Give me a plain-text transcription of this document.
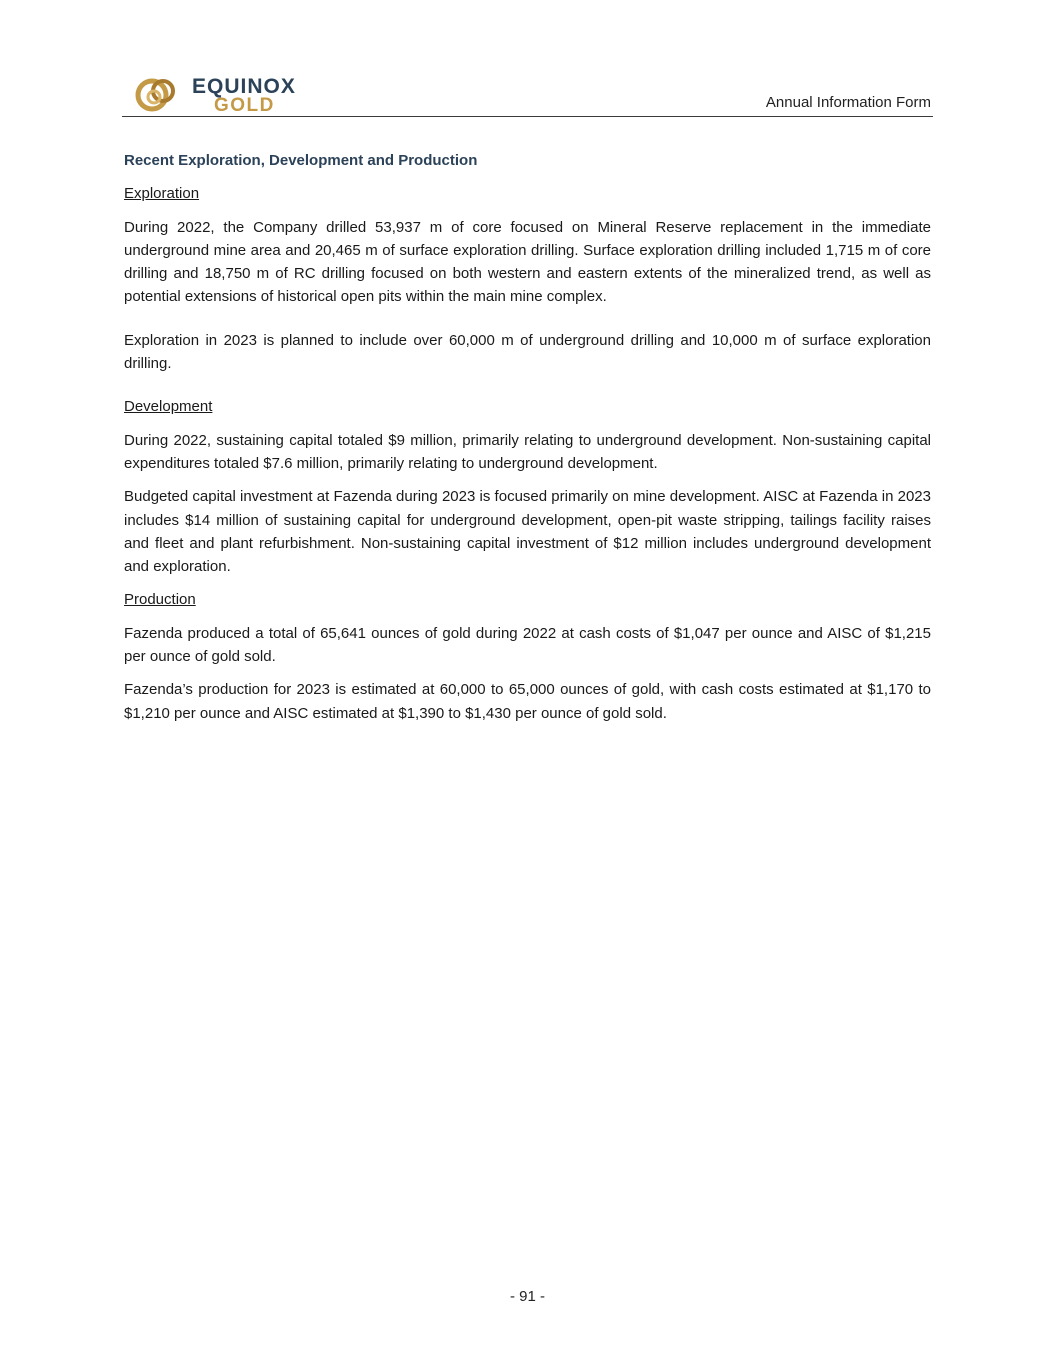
EQUINOX
GOLD	Annual Information Form
Recent Exploration, Development and Production
Exploration

During 2022, the Company drilled 53,937 m of core focused on Mineral Reserve replacement in the immediate underground mine area and 20,465 m of surface exploration drilling. Surface exploration drilling included 1,715 m of core drilling and 18,750 m of RC drilling focused on both western and eastern extents of the mineralized trend, as well as potential extensions of historical open pits within the main mine complex.

Exploration in 2023 is planned to include over 60,000 m of underground drilling and 10,000 m of surface exploration drilling.

Development

During 2022, sustaining capital totaled $9 million, primarily relating to underground development. Non-sustaining capital expenditures totaled $7.6 million, primarily relating to underground development.

Budgeted capital investment at Fazenda during 2023 is focused primarily on mine development. AISC at Fazenda in 2023 includes $14 million of sustaining capital for underground development, open-pit waste stripping, tailings facility raises and fleet and plant refurbishment. Non-sustaining capital investment of $12 million includes underground development and exploration.

Production

Fazenda produced a total of 65,641 ounces of gold during 2022 at cash costs of $1,047 per ounce and AISC of $1,215 per ounce of gold sold.

Fazenda’s production for 2023 is estimated at 60,000 to 65,000 ounces of gold, with cash costs estimated at $1,170 to $1,210 per ounce and AISC estimated at $1,390 to $1,430 per ounce of gold sold.

- 91 -
